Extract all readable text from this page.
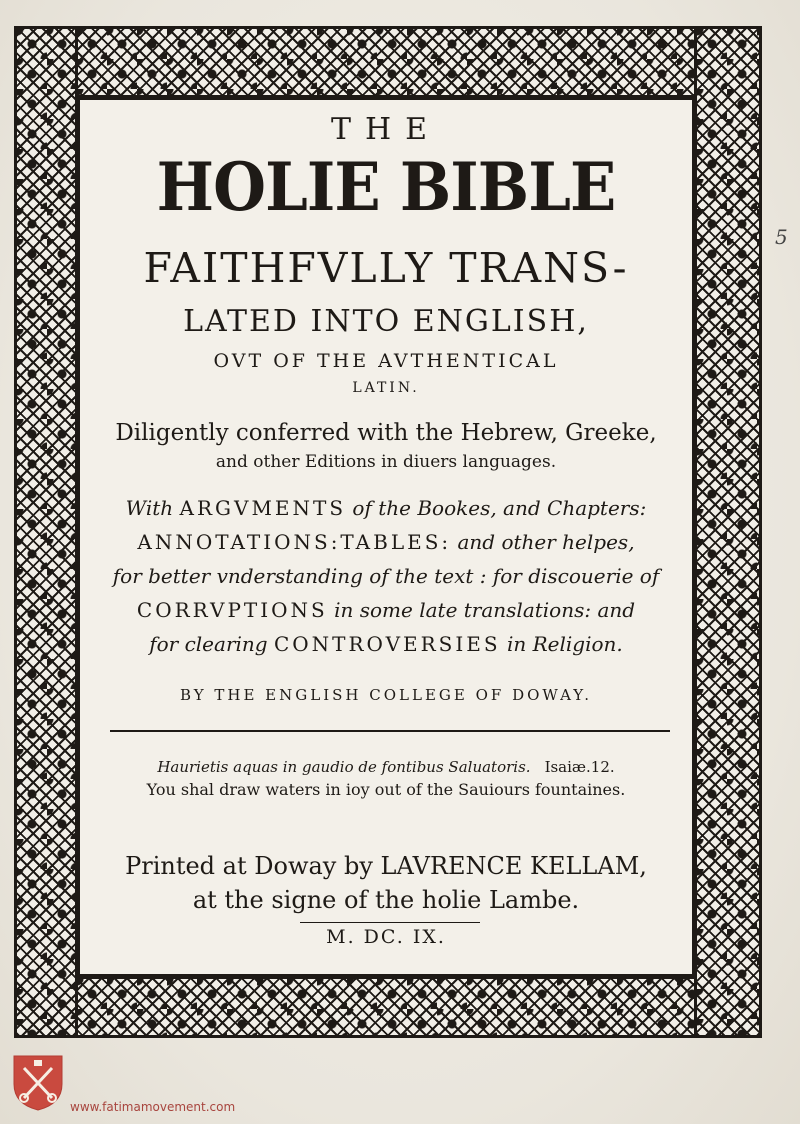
THE
HOLIE BIBLE
FAITHFVLLY TRANS-
LATED INTO ENGLISH,
OVT OF THE AVTHENTICAL
LATIN.
Diligently conferred with the Hebrew, Greeke,
and other Editions in diuers languages.
With ARGVMENTS of the Bookes, and Chapters:
ANNOTATIONS:TABLES: and other helpes,
for better vnderstanding of the text : for discouerie of
CORRVPTIONS in some late translations: and
for clearing CONTROVERSIES in Religion.
BY THE ENGLISH COLLEGE OF DOWAY.
Haurietis aquas in gaudio de fontibus Saluatoris. Isaiæ.12.
You shal draw waters in ioy out of the Sauiours fountaines.
Printed at Doway by LAVRENCE KELLAM,
at the signe of the holie Lambe.
M. DC. IX.
5
www.fatimamovement.com
